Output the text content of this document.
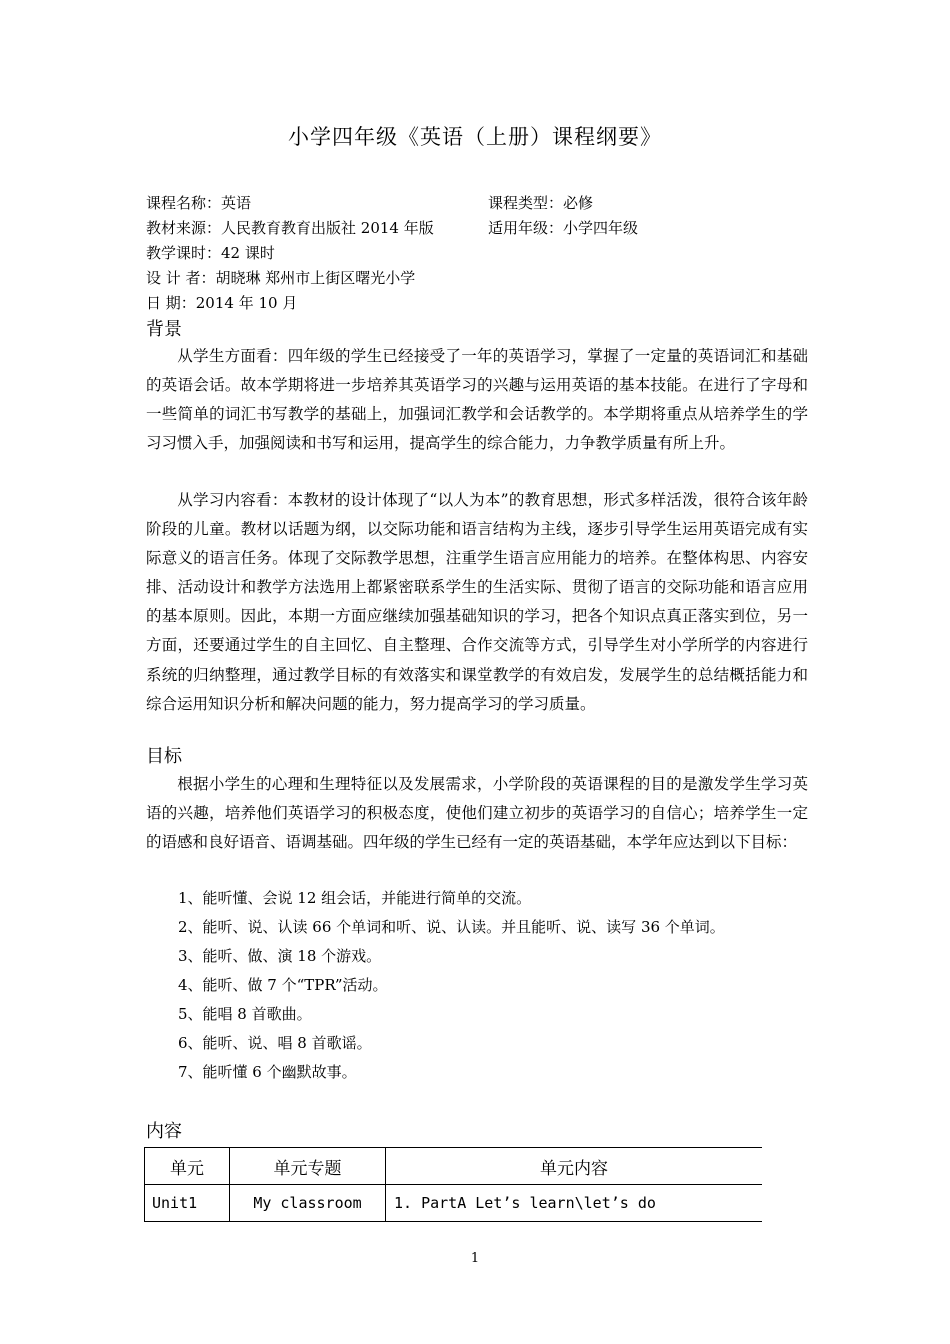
小学四年级《英语（上册）课程纲要》
课程名称：英语	课程类型：必修
教材来源：人民教育教育出版社 2014 年版	适用年级：小学四年级
教学课时：42 课时
设 计 者：胡晓琳 郑州市上街区曙光小学
日 期：2014 年 10 月
背景

从学生方面看：四年级的学生已经接受了一年的英语学习，掌握了一定量的英语词汇和基础的英语会话。故本学期将进一步培养其英语学习的兴趣与运用英语的基本技能。在进行了字母和一些简单的词汇书写教学的基础上，加强词汇教学和会话教学的。本学期将重点从培养学生的学习习惯入手，加强阅读和书写和运用，提高学生的综合能力，力争教学质量有所上升。

从学习内容看：本教材的设计体现了“以人为本”的教育思想，形式多样活泼，很符合该年龄阶段的儿童。教材以话题为纲，以交际功能和语言结构为主线，逐步引导学生运用英语完成有实际意义的语言任务。体现了交际教学思想，注重学生语言应用能力的培养。在整体构思、内容安排、活动设计和教学方法选用上都紧密联系学生的生活实际、贯彻了语言的交际功能和语言应用的基本原则。因此，本期一方面应继续加强基础知识的学习，把各个知识点真正落实到位，另一方面，还要通过学生的自主回忆、自主整理、合作交流等方式，引导学生对小学所学的内容进行系统的归纳整理，通过教学目标的有效落实和课堂教学的有效启发，发展学生的总结概括能力和综合运用知识分析和解决问题的能力，努力提高学习的学习质量。

目标

根据小学生的心理和生理特征以及发展需求，小学阶段的英语课程的目的是激发学生学习英语的兴趣，培养他们英语学习的积极态度，使他们建立初步的英语学习的自信心；培养学生一定的语感和良好语音、语调基础。四年级的学生已经有一定的英语基础，本学年应达到以下目标：

1、能听懂、会说 12 组会话，并能进行简单的交流。
2、能听、说、认读 66 个单词和听、说、认读。并且能听、说、读写 36 个单词。
3、能听、做、演 18 个游戏。
4、能听、做 7 个“TPR”活动。
5、能唱 8 首歌曲。
6、能听、说、唱 8 首歌谣。
7、能听懂 6 个幽默故事。
内容
单元	单元专题	单元内容
Unit1	My classroom	1. PartA Let’s learn\let’s do
1
